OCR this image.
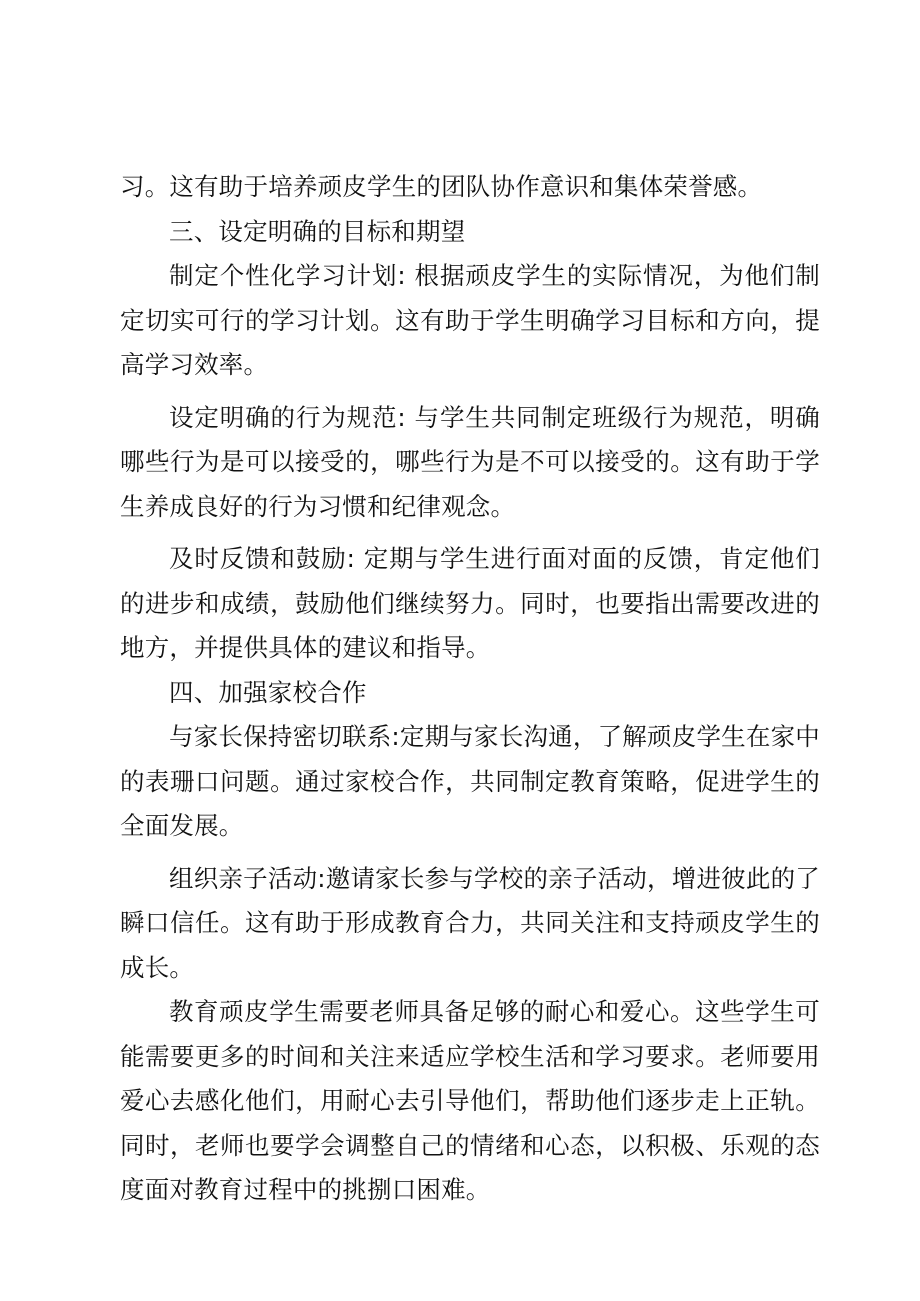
习。这有助于培养顽皮学生的团队协作意识和集体荣誉感。

三、设定明确的目标和期望

制定个性化学习计划: 根据顽皮学生的实际情况，为他们制定切实可行的学习计划。这有助于学生明确学习目标和方向，提高学习效率。

设定明确的行为规范: 与学生共同制定班级行为规范，明确哪些行为是可以接受的，哪些行为是不可以接受的。这有助于学生养成良好的行为习惯和纪律观念。

及时反馈和鼓励: 定期与学生进行面对面的反馈，肯定他们的进步和成绩，鼓励他们继续努力。同时，也要指出需要改进的地方，并提供具体的建议和指导。

四、加强家校合作

与家长保持密切联系:定期与家长沟通，了解顽皮学生在家中的表珊口问题。通过家校合作，共同制定教育策略，促进学生的全面发展。

组织亲子活动:邀请家长参与学校的亲子活动，增进彼此的了瞬口信任。这有助于形成教育合力，共同关注和支持顽皮学生的成长。

教育顽皮学生需要老师具备足够的耐心和爱心。这些学生可能需要更多的时间和关注来适应学校生活和学习要求。老师要用爱心去感化他们，用耐心去引导他们，帮助他们逐步走上正轨。同时，老师也要学会调整自己的情绪和心态，以积极、乐观的态度面对教育过程中的挑捌口困难。
